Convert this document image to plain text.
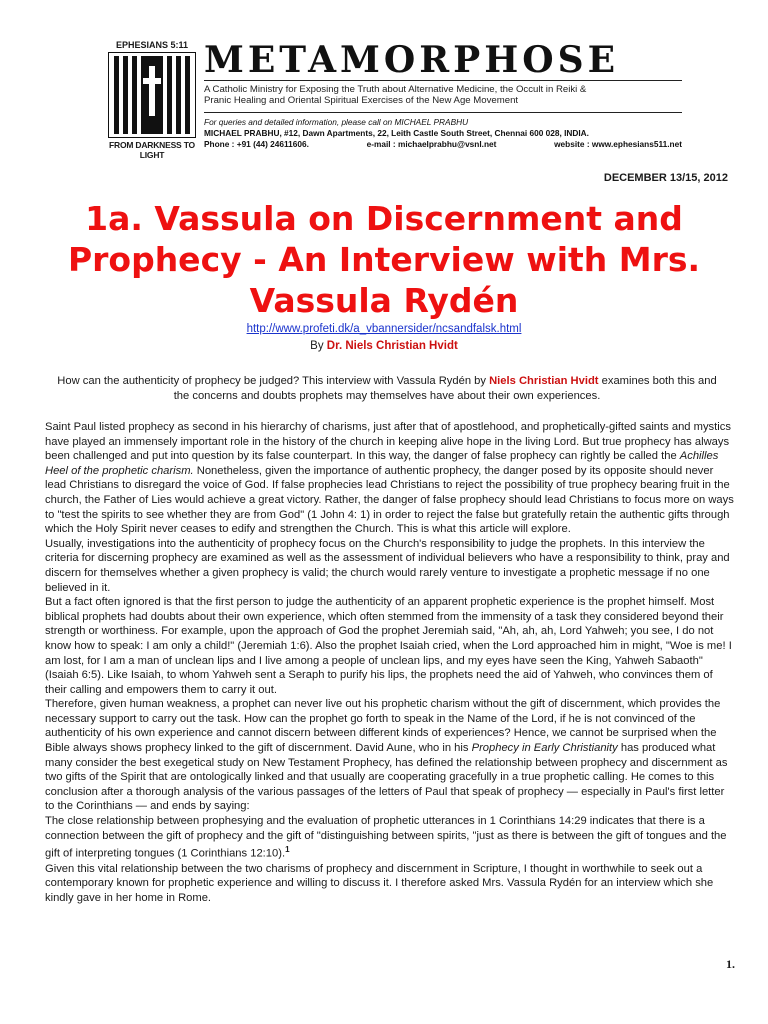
EPHESIANS 5:11
FROM DARKNESS TO LIGHT
METAMORPHOSE
A Catholic Ministry for Exposing the Truth about Alternative Medicine, the Occult in Reiki &
Pranic Healing and Oriental Spiritual Exercises of the New Age Movement
For queries and detailed information, please call on MICHAEL PRABHU
MICHAEL PRABHU, #12, Dawn Apartments, 22, Leith Castle South Street, Chennai 600 028, INDIA.
Phone : +91 (44) 24611606.	e-mail : michaelprabhu@vsnl.net	website : www.ephesians511.net
DECEMBER 13/15, 2012
1a. Vassula on Discernment and Prophecy - An Interview with Mrs. Vassula Rydén
http://www.profeti.dk/a_vbannersider/ncsandfalsk.html
By Dr. Niels Christian Hvidt
How can the authenticity of prophecy be judged? This interview with Vassula Rydén by Niels Christian Hvidt examines both this and the concerns and doubts prophets may themselves have about their own experiences.

Saint Paul listed prophecy as second in his hierarchy of charisms, just after that of apostlehood, and prophetically-gifted saints and mystics have played an immensely important role in the history of the church in keeping alive hope in the living Lord. But true prophecy has always been challenged and put into question by its false counterpart. In this way, the danger of false prophecy can rightly be called the Achilles Heel of the prophetic charism. Nonetheless, given the importance of authentic prophecy, the danger posed by its opposite should never lead Christians to disregard the voice of God. If false prophecies lead Christians to reject the possibility of true prophecy bearing fruit in the church, the Father of Lies would achieve a great victory. Rather, the danger of false prophecy should lead Christians to focus more on ways to "test the spirits to see whether they are from God" (1 John 4: 1) in order to reject the false but gratefully retain the authentic gifts through which the Holy Spirit never ceases to edify and strengthen the Church. This is what this article will explore.

Usually, investigations into the authenticity of prophecy focus on the Church's responsibility to judge the prophets. In this interview the criteria for discerning prophecy are examined as well as the assessment of individual believers who have a responsibility to think, pray and discern for themselves whether a given prophecy is valid; the church would rarely venture to investigate a prophetic message if no one believed in it.

But a fact often ignored is that the first person to judge the authenticity of an apparent prophetic experience is the prophet himself. Most biblical prophets had doubts about their own experience, which often stemmed from the immensity of a task they considered beyond their strength or worthiness. For example, upon the approach of God the prophet Jeremiah said, "Ah, ah, ah, Lord Yahweh; you see, I do not know how to speak: I am only a child!" (Jeremiah 1:6). Also the prophet Isaiah cried, when the Lord approached him in might, "Woe is me! I am lost, for I am a man of unclean lips and I live among a people of unclean lips, and my eyes have seen the King, Yahweh Sabaoth" (Isaiah 6:5). Like Isaiah, to whom Yahweh sent a Seraph to purify his lips, the prophets need the aid of Yahweh, who convinces them of their calling and empowers them to carry it out.

Therefore, given human weakness, a prophet can never live out his prophetic charism without the gift of discernment, which provides the necessary support to carry out the task. How can the prophet go forth to speak in the Name of the Lord, if he is not convinced of the authenticity of his own experience and cannot discern between different kinds of experiences? Hence, we cannot be surprised when the Bible always shows prophecy linked to the gift of discernment. David Aune, who in his Prophecy in Early Christianity has produced what many consider the best exegetical study on New Testament Prophecy, has defined the relationship between prophecy and discernment as two gifts of the Spirit that are ontologically linked and that usually are cooperating gracefully in a true prophetic calling. He comes to this conclusion after a thorough analysis of the various passages of the letters of Paul that speak of prophecy — especially in Paul's first letter to the Corinthians — and ends by saying:

The close relationship between prophesying and the evaluation of prophetic utterances in 1 Corinthians 14:29 indicates that there is a connection between the gift of prophecy and the gift of "distinguishing between spirits, "just as there is between the gift of tongues and the gift of interpreting tongues (1 Corinthians 12:10).$^1$

Given this vital relationship between the two charisms of prophecy and discernment in Scripture, I thought in worthwhile to seek out a contemporary known for prophetic experience and willing to discuss it. I therefore asked Mrs. Vassula Rydén for an interview which she kindly gave in her home in Rome.

1.
